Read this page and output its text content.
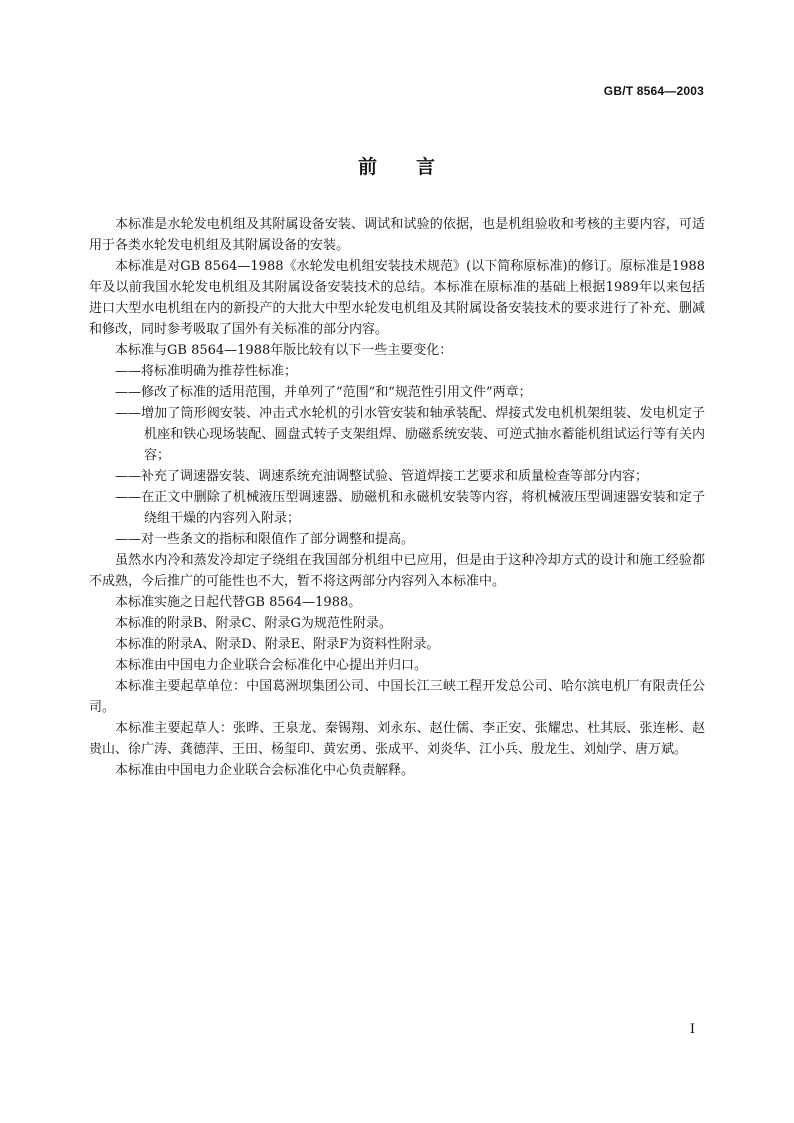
GB/T 8564—2003
前 言

本标准是水轮发电机组及其附属设备安装、调试和试验的依据，也是机组验收和考核的主要内容，可适用于各类水轮发电机组及其附属设备的安装。

本标准是对GB 8564—1988《水轮发电机组安装技术规范》(以下简称原标准)的修订。原标准是1988年及以前我国水轮发电机组及其附属设备安装技术的总结。本标准在原标准的基础上根据1989年以来包括进口大型水电机组在内的新投产的大批大中型水轮发电机组及其附属设备安装技术的要求进行了补充、删减和修改，同时参考吸取了国外有关标准的部分内容。

本标准与GB 8564—1988年版比较有以下一些主要变化：

——将标准明确为推荐性标准；
——修改了标准的适用范围，并单列了“范围”和“规范性引用文件”两章；
——增加了筒形阀安装、冲击式水轮机的引水管安装和轴承装配、焊接式发电机机架组装、发电机定子机座和铁心现场装配、圆盘式转子支架组焊、励磁系统安装、可逆式抽水蓄能机组试运行等有关内容；
——补充了调速器安装、调速系统充油调整试验、管道焊接工艺要求和质量检查等部分内容；
——在正文中删除了机械液压型调速器、励磁机和永磁机安装等内容，将机械液压型调速器安装和定子绕组干燥的内容列入附录；
——对一些条文的指标和限值作了部分调整和提高。

虽然水内冷和蒸发冷却定子绕组在我国部分机组中已应用，但是由于这种冷却方式的设计和施工经验都不成熟，今后推广的可能性也不大，暂不将这两部分内容列入本标准中。

本标准实施之日起代替GB 8564—1988。

本标准的附录B、附录C、附录G为规范性附录。

本标准的附录A、附录D、附录E、附录F为资料性附录。

本标准由中国电力企业联合会标准化中心提出并归口。

本标准主要起草单位：中国葛洲坝集团公司、中国长江三峡工程开发总公司、哈尔滨电机厂有限责任公司。

本标准主要起草人：张晔、王泉龙、秦锡翔、刘永东、赵仕儒、李正安、张耀忠、杜其辰、张连彬、赵贵山、徐广涛、龚德萍、王田、杨玺印、黄宏勇、张成平、刘炎华、江小兵、殷龙生、刘灿学、唐万斌。

本标准由中国电力企业联合会标准化中心负责解释。

I
